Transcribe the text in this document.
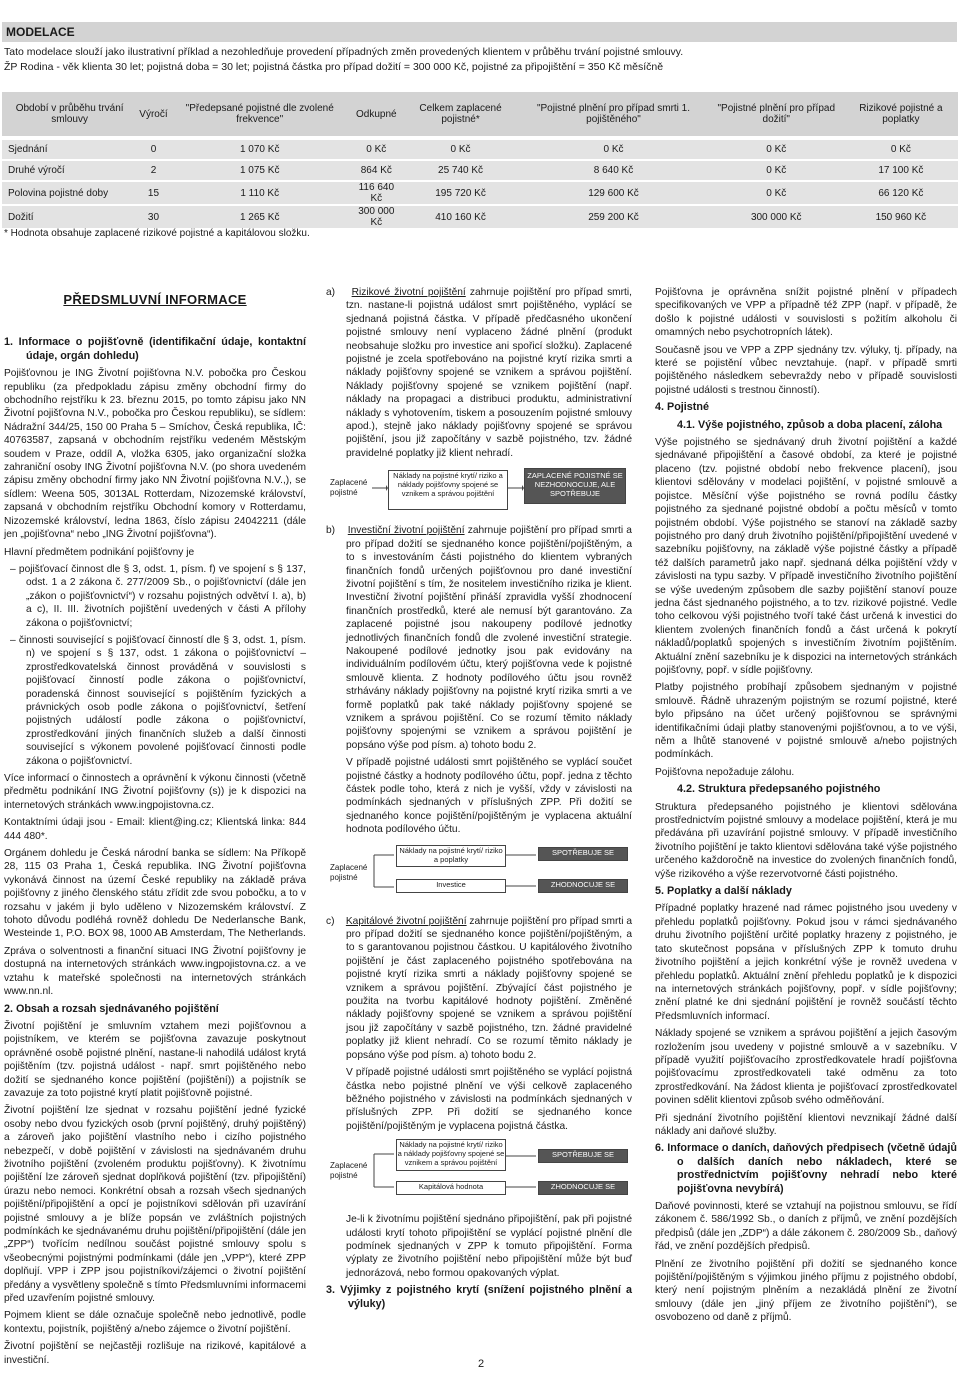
MODELACE
Tato modelace slouží jako ilustrativní příklad a nezohledňuje provedení případných změn provedených klientem v průběhu trvání pojistné smlouvy.
ŽP Rodina - věk klienta 30 let; pojistná doba = 30 let; pojistná částka pro případ dožití = 300 000 Kč, pojistné za připojištění = 350 Kč měsíčně
Období v průběhu trvání smlouvy	Výročí	"Předepsané pojistné dle zvolené frekvence"	Odkupné	Celkem zaplacené pojistné*	"Pojistné plnění pro případ smrti 1. pojištěného"	"Pojistné plnění pro případ dožití"	Rizikové pojistné a poplatky
Sjednání	0	1 070 Kč	0 Kč	0 Kč	0 Kč	0 Kč	0 Kč
Druhé výročí	2	1 075 Kč	864 Kč	25 740 Kč	8 640 Kč	0 Kč	17 100 Kč
Polovina pojistné doby	15	1 110 Kč	116 640 Kč	195 720 Kč	129 600 Kč	0 Kč	66 120 Kč
Dožití	30	1 265 Kč	300 000 Kč	410 160 Kč	259 200 Kč	300 000 Kč	150 960 Kč
* Hodnota obsahuje zaplacené rizikové pojistné a kapitálovou složku.
PŘEDSMLUVNÍ INFORMACE

1. Informace o pojišťovně (identifikační údaje, kontaktní údaje, orgán dohledu)

Pojišťovnou je ING Životní pojišťovna N.V. pobočka pro Českou republiku (za předpokladu zápisu změny obchodní firmy do obchodního rejstříku k 23. březnu 2015, po tomto zápisu jako NN Životní pojišťovna N.V., pobočka pro Českou republiku), se sídlem: Nádražní 344/25, 150 00 Praha 5 – Smíchov, Česká republika, IČ: 40763587, zapsaná v obchodním rejstříku vedeném Městským soudem v Praze, oddíl A, vložka 6305, jako organizační složka zahraniční osoby ING Životní pojišťovna N.V. (po shora uvedeném zápisu změny obchodní firmy jako NN Životní pojišťovna N.V.,), se sídlem: Weena 505, 3013AL Rotterdam, Nizozemské království, zapsaná v obchodním rejstříku Obchodní komory v Rotterdamu, Nizozemské království, ledna 1863, číslo zápisu 24042211 (dále jen „pojišťovna“ nebo „ING Životní pojišťovna“).

Hlavní předmětem podnikání pojišťovny je

– pojišťovací činnost dle § 3, odst. 1, písm. f) ve spojení s § 137, odst. 1 a 2 zákona č. 277/2009 Sb., o pojišťovnictví (dále jen „zákon o pojišťovnictví“) v rozsahu pojistných odvětví I. a), b) a c), II. III. životních pojištění uvedených v části A přílohy zákona o pojišťovnictví;

– činnosti související s pojišťovací činností dle § 3, odst. 1, písm. n) ve spojení s § 137, odst. 1 zákona o pojišťovnictví – zprostředkovatelská činnost prováděná v souvislosti s pojišťovací činností podle zákona o pojišťovnictví, poradenská činnost související s pojištěním fyzických a právnických osob podle zákona o pojišťovnictví, šetření pojistných událostí podle zákona o pojišťovnictví, zprostředkování jiných finančních služeb a další činnosti související s výkonem povolené pojišťovací činnosti podle zákona o pojišťovnictví.

Více informací o činnostech a oprávnění k výkonu činnosti (včetně předmětu podnikání ING Životní pojišťovny (s)) je k dispozici na internetových stránkách www.ingpojistovna.cz.

Kontaktními údaji jsou - Email: klient@ing.cz; Klientská linka: 844 444 480*.

Orgánem dohledu je Česká národní banka se sídlem: Na Příkopě 28, 115 03 Praha 1, Česká republika. ING Životní pojišťovna vykonává činnost na území České republiky na základě práva pojišťovny z jiného členského státu zřídit zde svou pobočku, a to v rozsahu v jakém ji bylo uděleno v Nizozemském království. Z tohoto důvodu podléhá rovněž dohledu De Nederlansche Bank, Westeinde 1, P.O. BOX 98, 1000 AB Amsterdam, The Netherlands.

Zpráva o solventnosti a finanční situaci ING Životní pojišťovny je dostupná na internetových stránkách www.ingpojistovna.cz. a ve vztahu k mateřské společnosti na internetových stránkách www.nn.nl.

2. Obsah a rozsah sjednávaného pojištění

Životní pojištění je smluvním vztahem mezi pojišťovnou a pojistníkem, ve kterém se pojišťovna zavazuje poskytnout oprávněné osobě pojistné plnění, nastane-li nahodilá událost krytá pojištěním (tzv. pojistná událost - např. smrt pojištěného nebo dožití se sjednaného konce pojištění (pojištění)) a pojistník se zavazuje za toto pojistné krytí platit pojišťovně pojistné.

Životní pojištění lze sjednat v rozsahu pojištění jedné fyzické osoby nebo dvou fyzických osob (první pojištěný, druhý pojištěný) a zároveň jako pojištění vlastního nebo i cizího pojistného nebezpečí, v době pojištění v závislosti na sjednávaném druhu životního pojištění (zvoleném produktu pojišťovny). K životnímu pojištění lze zároveň sjednat doplňková pojištění (tzv. připojištění) úrazu nebo nemoci. Konkrétní obsah a rozsah všech sjednaných pojištění/připojištění a opcí je pojistníkovi sdělován při uzavírání pojistné smlouvy a je blíže popsán ve zvláštních pojistných podmínkách ke sjednávanému druhu pojištění/připojištění (dále jen „ZPP“) tvořícím nedílnou součást pojistné smlouvy spolu s všeobecnými pojistnými podmínkami (dále jen „VPP“), které ZPP doplňují. VPP i ZPP jsou pojistníkovi/zájemci o životní pojištění předány a vysvětleny společně s tímto Předsmluvními informacemi před uzavřením pojistné smlouvy.

Pojmem klient se dále označuje společně nebo jednotlivě, podle kontextu, pojistník, pojištěný a/nebo zájemce o životní pojištění.

Životní pojištění se nejčastěji rozlišuje na rizikové, kapitálové a investiční.

a) Rizikové životní pojištění zahrnuje pojištění pro případ smrti, tzn. nastane-li pojistná událost smrt pojištěného, vyplácí se sjednaná pojistná částka. V případě předčasného ukončení pojistné smlouvy není vyplaceno žádné plnění (produkt neobsahuje složku pro investice ani spořicí složku). Zaplacené pojistné je zcela spotřebováno na pojistné krytí rizika smrti a náklady pojišťovny spojené se vznikem a správou pojištění. Náklady pojišťovny spojené se vznikem pojištění (např. náklady na propagaci a distribuci produktu, administrativní náklady s vyhotovením, tiskem a posouzením pojistné smlouvy apod.), stejně jako náklady pojišťovny spojené se správou pojištění, jsou již započítány v sazbě pojistného, tzv. žádné pravidelné poplatky již klient nehradí.

Zaplacené pojistné
Náklady na pojistné krytí/ riziko a náklady pojišťovny spojené se vznikem a správou pojištění
ZAPLACENÉ POJISTNÉ SE NEZHODNOCUJE, ALE SPOTŘEBUJE

b) Investiční životní pojištění zahrnuje pojištění pro případ smrti a pro případ dožití se sjednaného konce pojištění/pojištěným, a to s investováním části pojistného do klientem vybraných finančních fondů určených pojišťovnou pro dané investiční životní pojištění s tím, že nositelem investičního rizika je klient. Investiční životní pojištění přináší zpravidla vyšší zhodnocení finančních prostředků, které ale nemusí být garantováno. Za zaplacené pojistné jsou nakoupeny podílové jednotky jednotlivých finančních fondů dle zvolené investiční strategie. Nakoupené podílové jednotky jsou pak evidovány na individuálním podílovém účtu, který pojišťovna vede k pojistné smlouvě klienta. Z hodnoty podílového účtu jsou rovněž strhávány náklady pojišťovny na pojistné krytí rizika smrti a ve formě poplatků pak také náklady pojišťovny spojené se vznikem a správou pojištění. Co se rozumí těmito náklady pojišťovny spojenými se vznikem a správou pojištění je popsáno výše pod písm. a) tohoto bodu 2.

V případě pojistné události smrt pojištěného se vyplácí součet pojistné částky a hodnoty podílového účtu, popř. jedna z těchto částek podle toho, která z nich je vyšší, vždy v závislosti na podmínkách sjednaných v příslušných ZPP. Při dožití se sjednaného konce pojištění/pojištěným je vyplacena aktuální hodnota podílového účtu.

Zaplacené pojistné
Náklady na pojistné krytí/ riziko a poplatky
Investice
SPOTŘEBUJE SE
ZHODNOCUJE SE

c) Kapitálové životní pojištění zahrnuje pojištění pro případ smrti a pro případ dožití se sjednaného konce pojištění/pojištěným, a to s garantovanou pojistnou částkou. U kapitálového životního pojištění je část zaplaceného pojistného spotřebována na pojistné krytí rizika smrti a náklady pojišťovny spojené se vznikem a správou pojištění. Zbývající část pojistného je použita na tvorbu kapitálové hodnoty pojištění. Změněné náklady pojišťovny spojené se vznikem a správou pojištění jsou již započítány v sazbě pojistného, tzn. žádné pravidelné poplatky již klient nehradí. Co se rozumí těmito náklady je popsáno výše pod písm. a) tohoto bodu 2.

V případě pojistné události smrt pojištěného se vyplácí pojistná částka nebo pojistné plnění ve výši celkově zaplaceného běžného pojistného v závislosti na podmínkách sjednaných v příslušných ZPP. Při dožití se sjednaného konce pojištění/pojištěným je vyplacena pojistná částka.

Zaplacené pojistné
Náklady na pojistné krytí/ riziko a náklady pojišťovny spojené se vznikem a správou pojištění
Kapitálová hodnota
SPOTŘEBUJE SE
ZHODNOCUJE SE

Je-li k životnímu pojištění sjednáno připojištění, pak při pojistné události krytí tohoto připojištění se vyplácí pojistné plnění dle podmínek sjednaných v ZPP k tomuto připojištění. Forma výplaty ze životního pojištění nebo připojištění může být buď jednorázová, nebo formou opakovaných výplat.

3. Výjimky z pojistného krytí (snížení pojistného plnění a výluky)

Pojišťovna je oprávněna snížit pojistné plnění v případech specifikovaných ve VPP a případně též ZPP (např. v případě, že došlo k pojistné události v souvislosti s požitím alkoholu či omamných nebo psychotropních látek).

Současně jsou ve VPP a ZPP sjednány tzv. výluky, tj. případy, na které se pojistění vůbec nevztahuje. (např. v případě smrti pojištěného následkem sebevraždy nebo v případě souvislosti pojistné události s trestnou činností).

4. Pojistné

4.1. Výše pojistného, způsob a doba placení, záloha

Výše pojistného se sjednávaný druh životní pojištění a každé sjednávané připojištění a časové období, za které je pojistné placeno (tzv. pojistné období nebo frekvence placení), jsou klientovi sdělovány v modelaci pojištění, v pojistné smlouvě a pojistce. Měsíční výše pojistného se rovná podílu částky pojistného za sjednané pojistné období a počtu měsíců v tomto pojistném období. Výše pojistného se stanoví na základě sazby pojistného pro daný druh životního pojištění/připojištění uvedené v sazebníku pojišťovny, na základě výše pojistné částky a případě též dalších parametrů jako např. sjednaná délka pojištění vždy v závislosti na typu sazby. V případě investičního životního pojištění se výše uvedeným způsobem dle sazby pojištění stanoví pouze jedna část sjednaného pojistného, a to tzv. rizikové pojistné. Vedle toho celkovou výši pojistného tvoří také část určená k investici do klientem zvolených finančních fondů a část určená k pokrytí nákladů/poplatků spojených s investičním životním pojištěním. Aktuální znění sazebníku je k dispozici na internetových stránkách pojišťovny, popř. v sídle pojišťovny.

Platby pojistného probíhají způsobem sjednaným v pojistné smlouvě. Řádně uhrazeným pojistným se rozumí pojistné, které bylo připsáno na účet určený pojišťovnou se správnými identifikačními údaji platby stanovenými pojišťovnou, a to ve výši, něm a lhůtě stanovené v pojistné smlouvě a/nebo pojistných podmínkách.

Pojišťovna nepožaduje zálohu.

4.2. Struktura předepsaného pojistného

Struktura předepsaného pojistného je klientovi sdělována prostřednictvím pojistné smlouvy a modelace pojištění, která je mu předávána při uzavírání pojistné smlouvy. V případě investičního životního pojištění je takto klientovi sdělována také výše pojistného určeného každoročně na investice do zvolených finančních fondů, výše rizikového a výše rezervotvorné části pojistného.

5. Poplatky a další náklady

Případné poplatky hrazené nad rámec pojistného jsou uvedeny v přehledu poplatků pojišťovny. Pokud jsou v rámci sjednávaného druhu životního pojištění určité poplatky hrazeny z pojistného, je tato skutečnost popsána v příslušných ZPP k tomuto druhu životního pojištění a jejich konkrétní výše je rovněž uvedena v přehledu poplatků. Aktuální znění přehledu poplatků je k dispozici na internetových stránkách pojišťovny, popř. v sídle pojišťovny; znění platné ke dni sjednání pojištění je rovněž součástí těchto Předsmluvních informací.

Náklady spojené se vznikem a správou pojištění a jejich časovým rozložením jsou uvedeny v pojistné smlouvě a v sazebníku. V případě využití pojišťovacího zprostředkovatele hradí pojišťovna pojišťovacímu zprostředkovateli také odměnu za toto zprostředkování. Na žádost klienta je pojišťovací zprostředkovatel povinen sdělit klientovi způsob svého odměňování.

Při sjednání životního pojištění klientovi nevznikají žádné další náklady ani daňové služby.

6. Informace o daních, daňových předpisech (včetně údajů o dalších daních nebo nákladech, které se prostřednictvím pojišťovny nehradí nebo které pojišťovna nevybírá)

Daňové povinnosti, které se vztahují na pojistnou smlouvu, se řídí zákonem č. 586/1992 Sb., o daních z příjmů, ve znění pozdějších předpisů (dále jen „ZDP“) a dále zákonem č. 280/2009 Sb., daňový řád, ve znění pozdějších předpisů.

Plnění ze životního pojištění při dožití se sjednaného konce pojištění/pojištěným s výjimkou jiného příjmu z pojistného období, který není pojistným plněním a nezakládá plnění ze životní smlouvy (dále jen „jiný příjem ze životního pojištění“), se osvobozeno od daně z příjmů.

2
